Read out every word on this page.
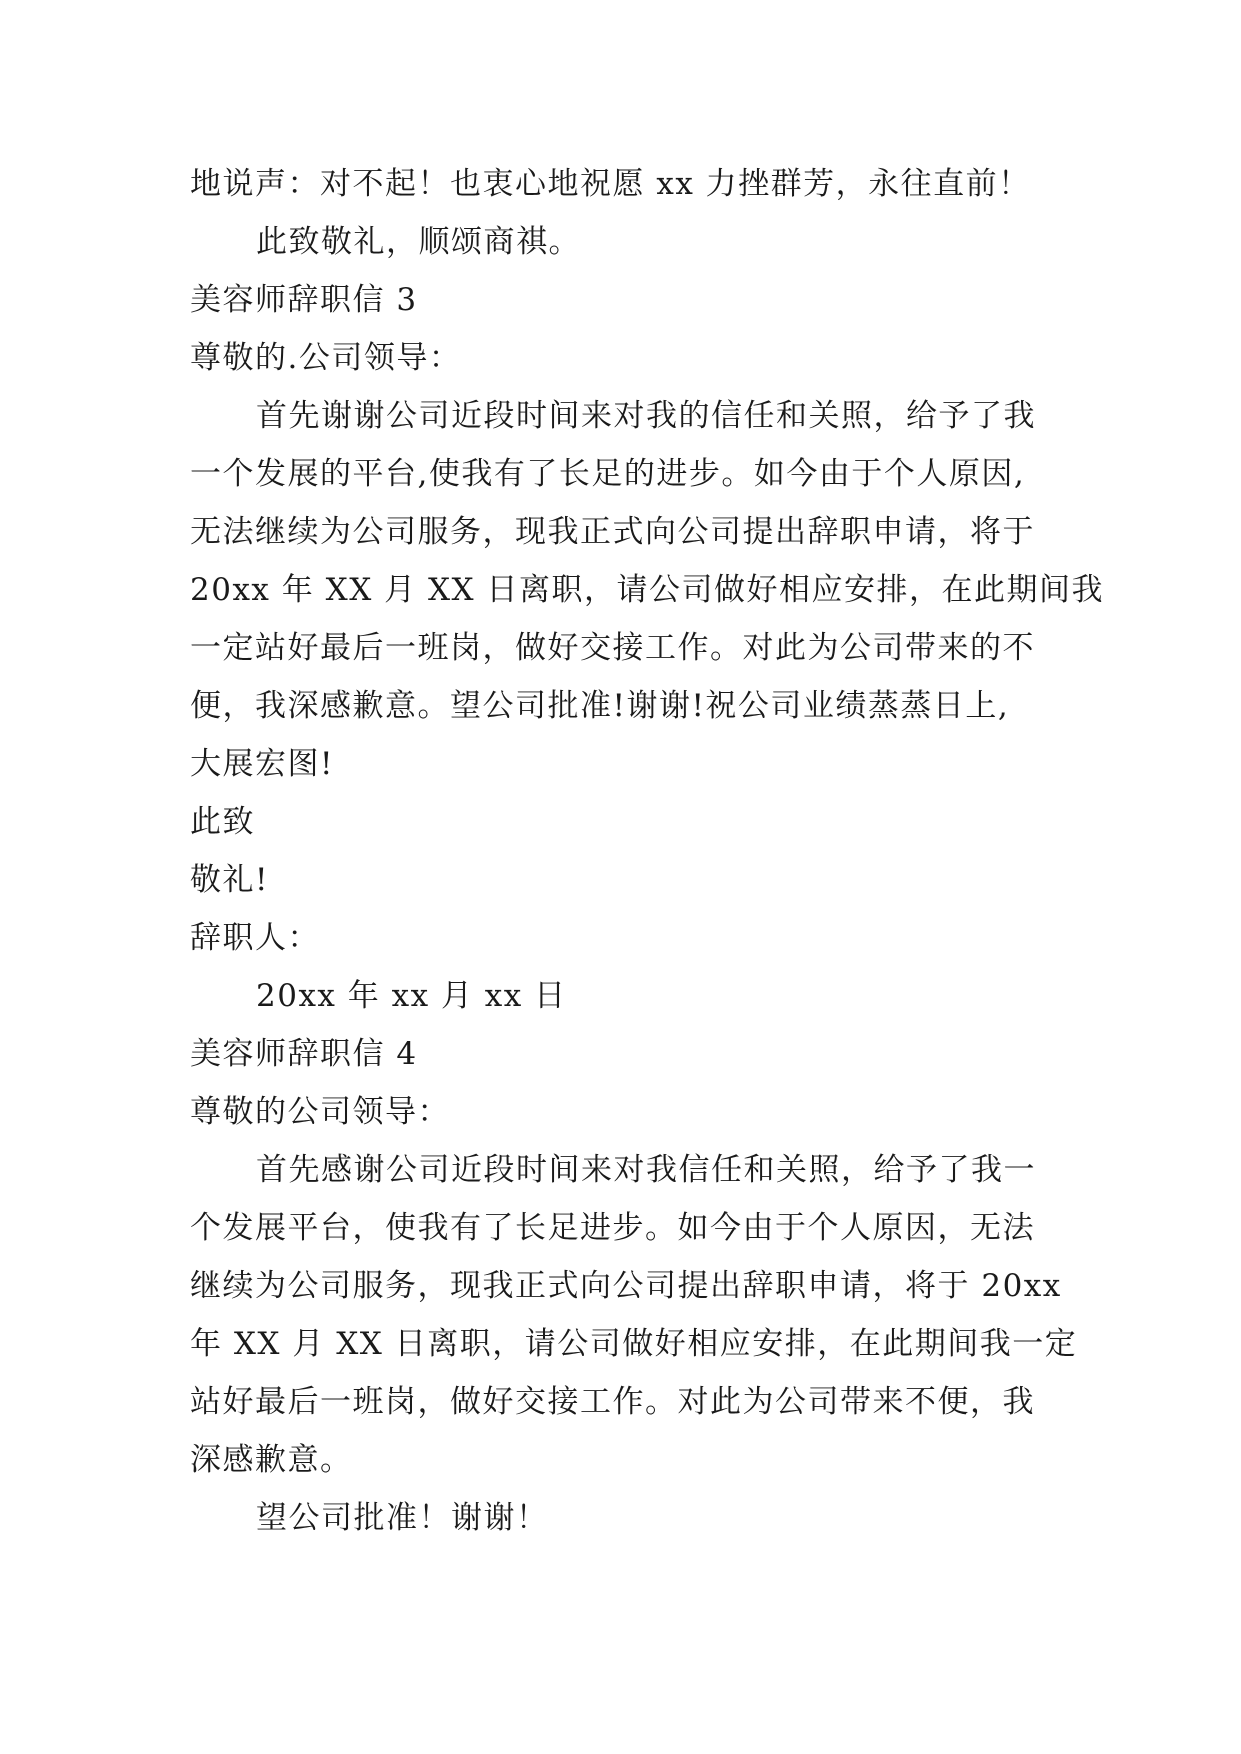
地说声：对不起！也衷心地祝愿 xx 力挫群芳，永往直前！
此致敬礼，顺颂商祺。
美容师辞职信 3
尊敬的.公司领导：
首先谢谢公司近段时间来对我的信任和关照，给予了我
一个发展的平台,使我有了长足的进步。如今由于个人原因,
无法继续为公司服务，现我正式向公司提出辞职申请，将于
20xx 年 XX 月 XX 日离职，请公司做好相应安排，在此期间我
一定站好最后一班岗，做好交接工作。对此为公司带来的不
便，我深感歉意。望公司批准!谢谢!祝公司业绩蒸蒸日上,
大展宏图!
此致
敬礼!
辞职人：
20xx 年 xx 月 xx 日
美容师辞职信 4
尊敬的公司领导：
首先感谢公司近段时间来对我信任和关照，给予了我一
个发展平台，使我有了长足进步。如今由于个人原因，无法
继续为公司服务，现我正式向公司提出辞职申请，将于 20xx
年 XX 月 XX 日离职，请公司做好相应安排，在此期间我一定
站好最后一班岗，做好交接工作。对此为公司带来不便，我
深感歉意。
望公司批准！谢谢！
